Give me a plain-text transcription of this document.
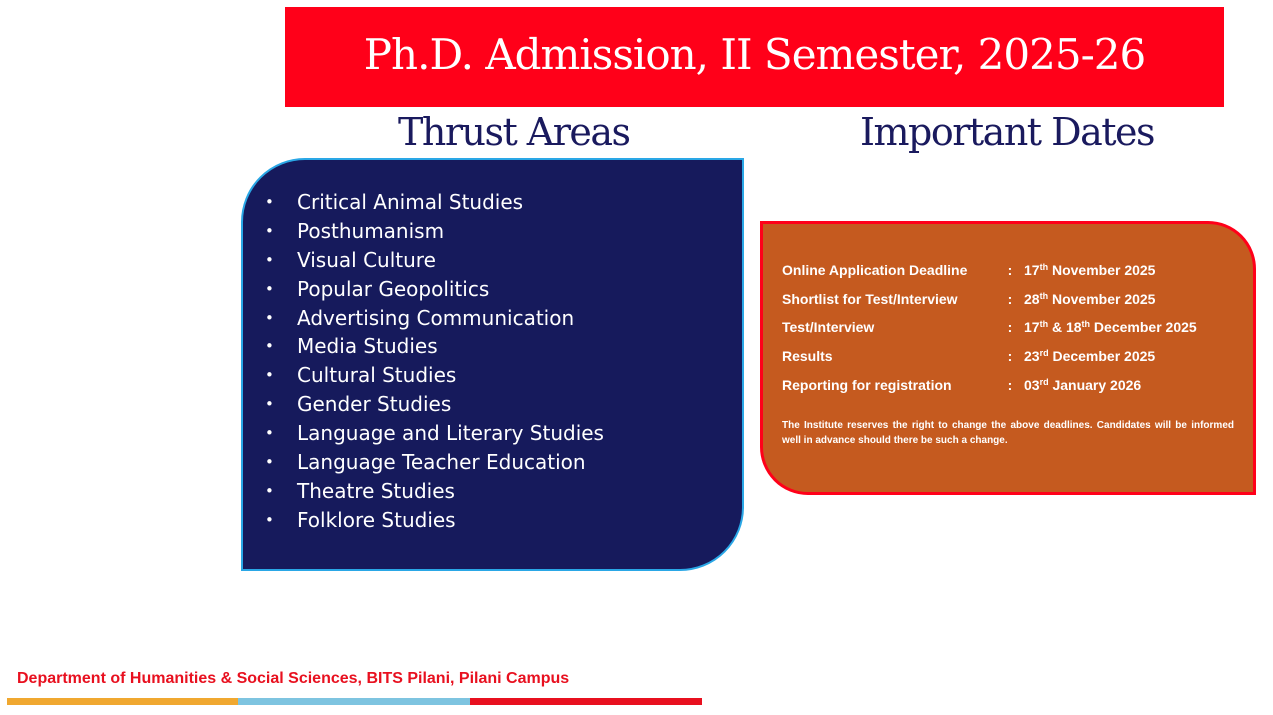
Ph.D. Admission, II Semester, 2025-26
Thrust Areas	Important Dates
•	Critical Animal Studies
•	Posthumanism
•	Visual Culture
•	Popular Geopolitics
•	Advertising Communication
•	Media Studies
•	Cultural Studies
•	Gender Studies
•	Language and Literary Studies
•	Language Teacher Education
•	Theatre Studies
•	Folklore Studies

The Institute reserves the right to change the above deadlines. Candidates will be informed well in advance should there be such a change.

Online Application Deadline	: 17th November 2025
Shortlist for Test/Interview	: 28th November 2025
Test/Interview	: 17th & 18th December 2025
Results	: 23rd December 2025
Reporting for registration	: 03rd January 2026

Department of Humanities & Social Sciences, BITS Pilani, Pilani Campus
